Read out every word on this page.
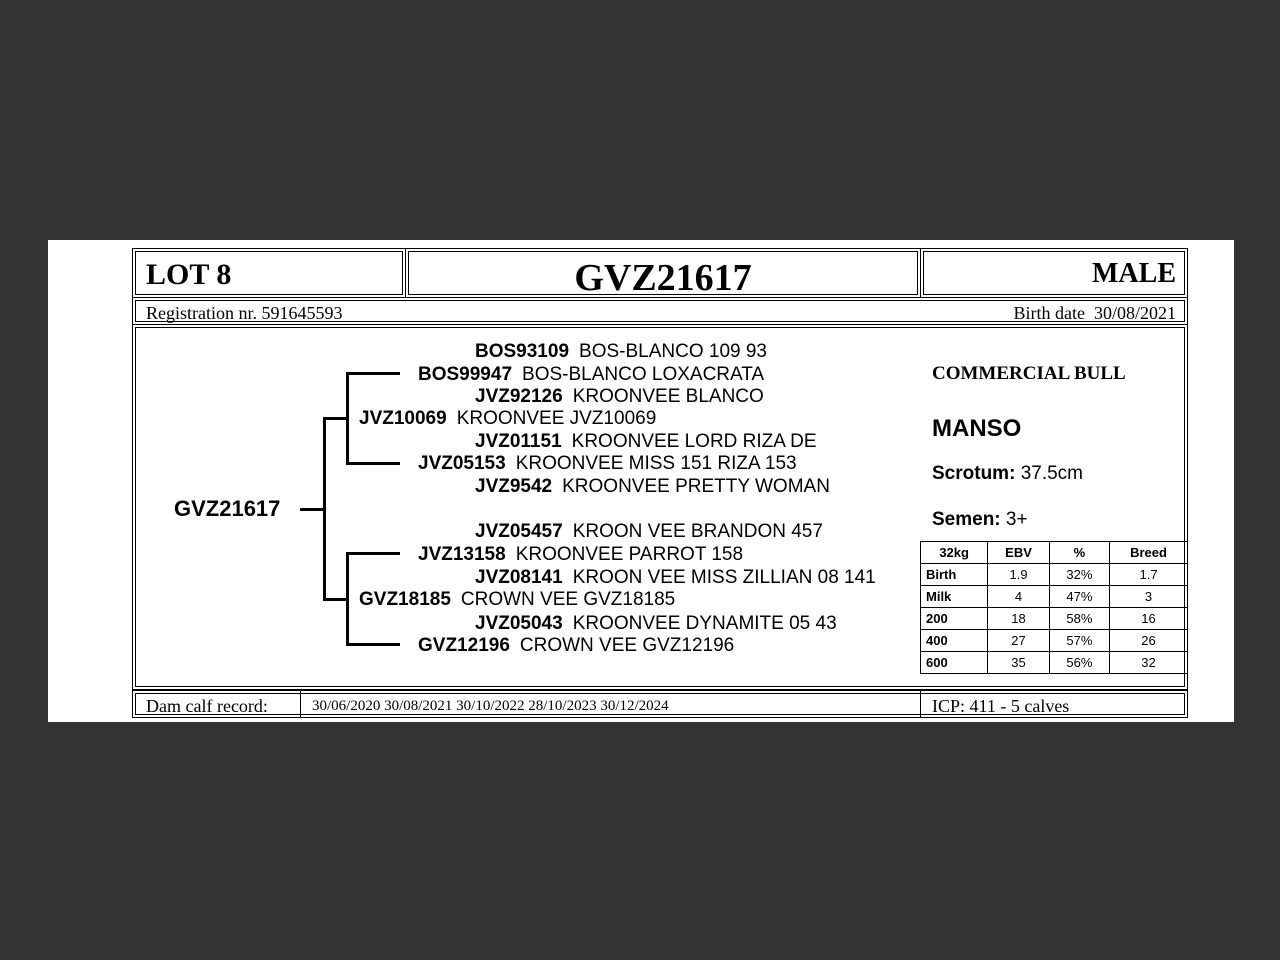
LOT 8	GVZ21617	MALE
Registration nr. 591645593	Birth date  30/08/2021
GVZ21617
BOS93109 BOS-BLANCO 109 93
BOS99947 BOS-BLANCO LOXACRATA
JVZ92126 KROONVEE BLANCO
JVZ10069 KROONVEE JVZ10069
JVZ01151 KROONVEE LORD RIZA DE
JVZ05153 KROONVEE MISS 151 RIZA 153
JVZ9542 KROONVEE PRETTY WOMAN
JVZ05457 KROON VEE BRANDON 457
JVZ13158 KROONVEE PARROT 158
JVZ08141 KROON VEE MISS ZILLIAN 08 141
GVZ18185 CROWN VEE GVZ18185
JVZ05043 KROONVEE DYNAMITE 05 43
GVZ12196 CROWN VEE GVZ12196
COMMERCIAL BULL
MANSO
Scrotum: 37.5cm
Semen: 3+
32kg	EBV	%	Breed
Birth	1.9	32%	1.7
Milk	4	47%	3
200	18	58%	16
400	27	57%	26
600	35	56%	32
Dam calf record:	30/06/2020 30/08/2021 30/10/2022 28/10/2023 30/12/2024	ICP: 411 - 5 calves
